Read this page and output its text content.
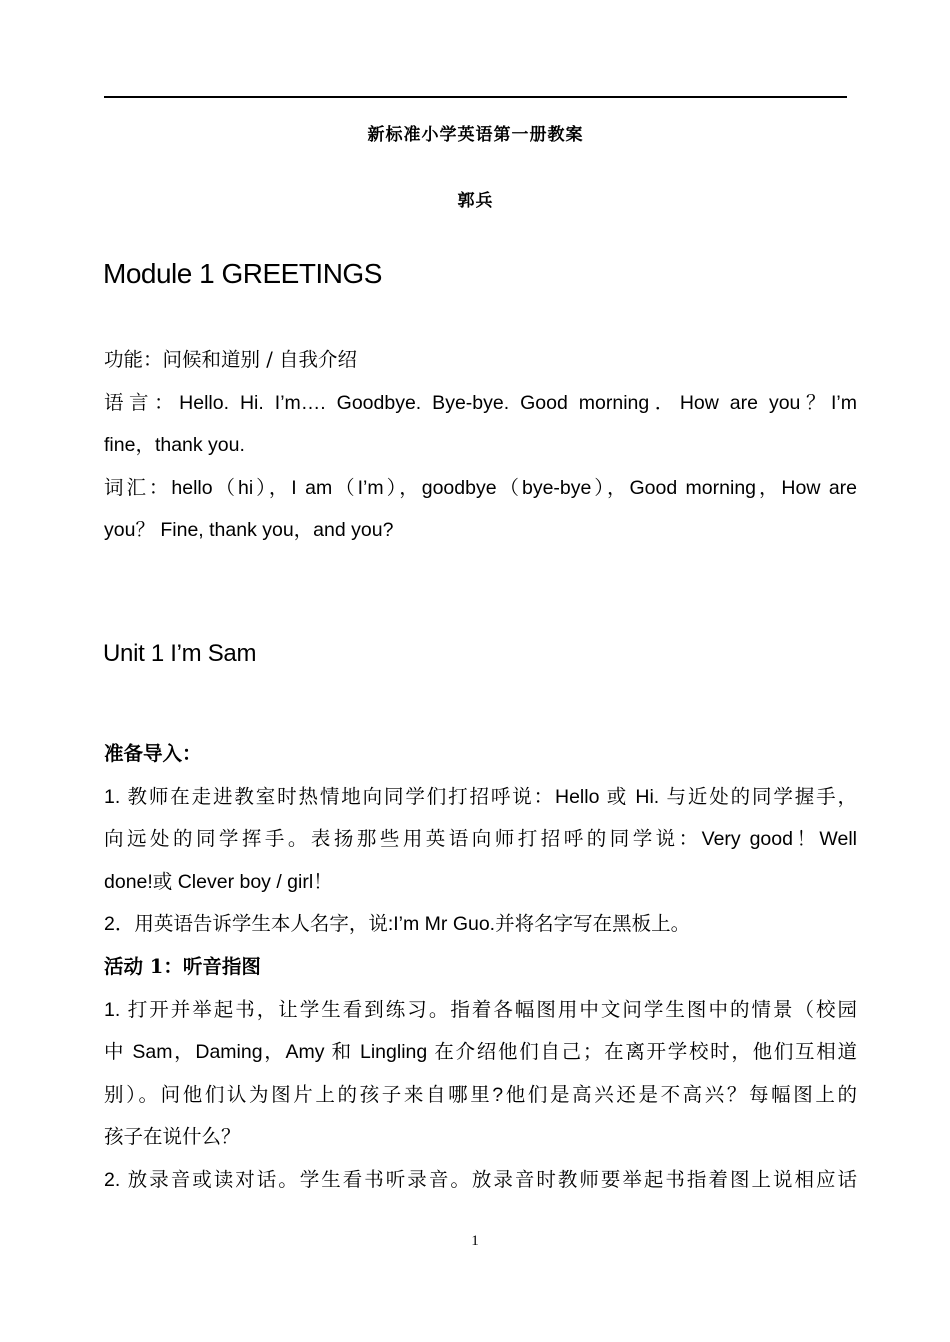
新标准小学英语第一册教案
郭兵
Module 1 GREETINGS
功能：问候和道别 / 自我介绍
语言：Hello. Hi. I’m…. Goodbye. Bye-bye. Good morning．How are you？I’m
fine，thank you.
词汇：hello（hi），I am（I’m），goodbye（bye-bye），Good morning，How are
you？ Fine, thank you，and you?
Unit 1 I’m Sam
准备导入：
1. 教师在走进教室时热情地向同学们打招呼说：Hello 或 Hi. 与近处的同学握手，
向远处的同学挥手。表扬那些用英语向师打招呼的同学说：Very good！Well
done!或 Clever boy / girl！
2．用英语告诉学生本人名字，说:I’m Mr Guo.并将名字写在黑板上。
活动 1：听音指图
1. 打开并举起书，让学生看到练习。指着各幅图用中文问学生图中的情景（校园
中 Sam，Daming，Amy 和 Lingling 在介绍他们自己；在离开学校时，他们互相道
别）。问他们认为图片上的孩子来自哪里?他们是高兴还是不高兴？每幅图上的
孩子在说什么？
2. 放录音或读对话。学生看书听录音。放录音时教师要举起书指着图上说相应话
1
